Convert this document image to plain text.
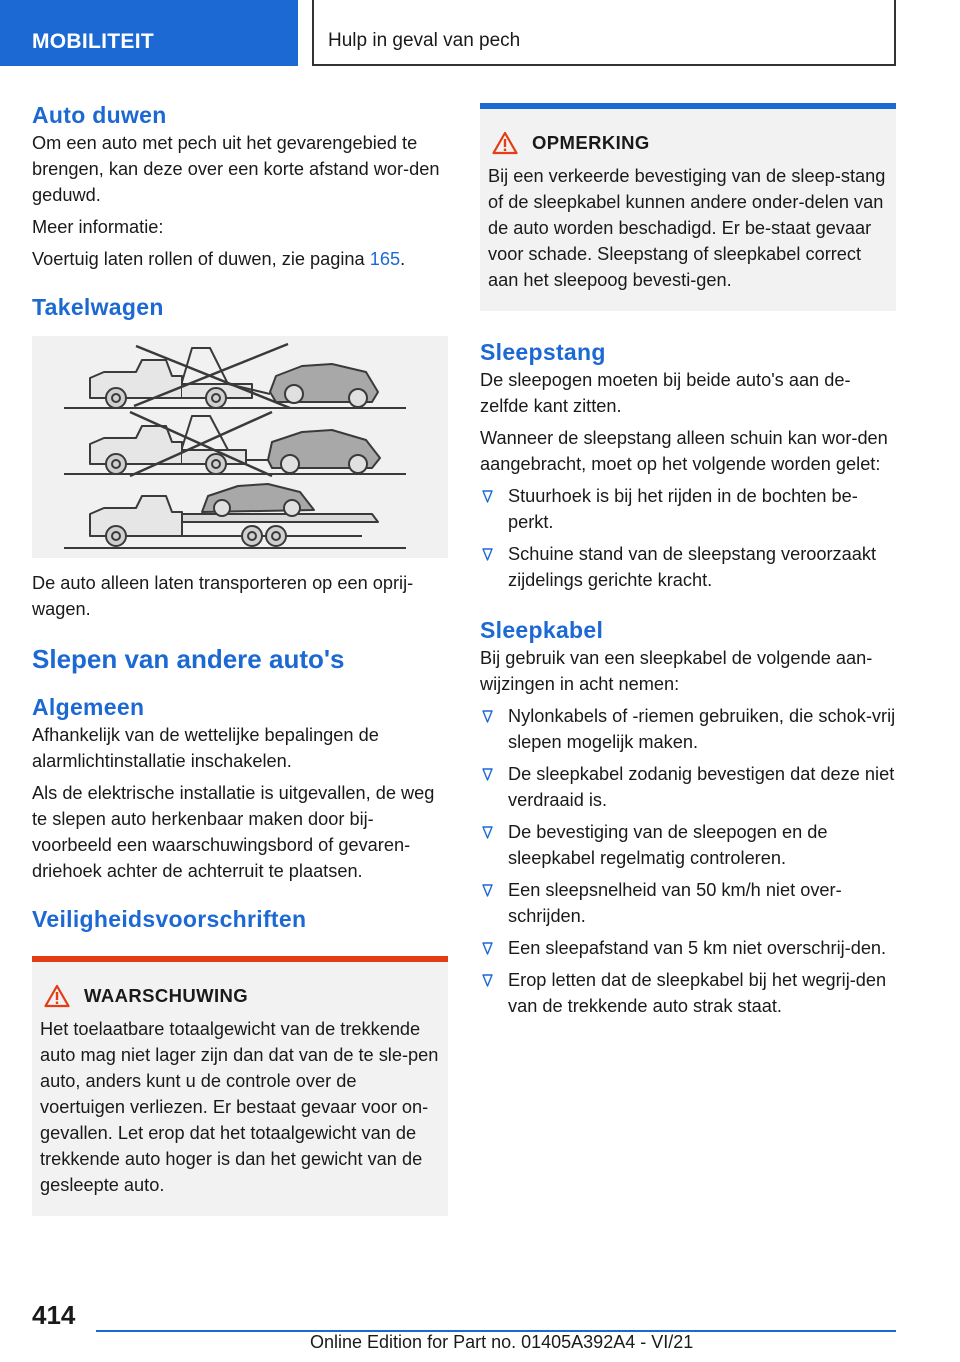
MOBILITEIT	Hulp in geval van pech
Auto duwen

Om een auto met pech uit het gevarengebied te brengen, kan deze over een korte afstand wor-den geduwd.

Meer informatie:

Voertuig laten rollen of duwen, zie pagina 165.

Takelwagen

De auto alleen laten transporteren op een oprij-wagen.

Slepen van andere auto's
Algemeen

Afhankelijk van de wettelijke bepalingen de alarmlichtinstallatie inschakelen.

Als de elektrische installatie is uitgevallen, de weg te slepen auto herkenbaar maken door bij-voorbeeld een waarschuwingsbord of gevaren-driehoek achter de achterruit te plaatsen.

Veiligheidsvoorschriften
WAARSCHUWING

Het toelaatbare totaalgewicht van de trekkende auto mag niet lager zijn dan dat van de te sle-pen auto, anders kunt u de controle over de voertuigen verliezen. Er bestaat gevaar voor on-gevallen. Let erop dat het totaalgewicht van de trekkende auto hoger is dan het gewicht van de gesleepte auto.

OPMERKING

Bij een verkeerde bevestiging van de sleep-stang of de sleepkabel kunnen andere onder-delen van de auto worden beschadigd. Er be-staat gevaar voor schade. Sleepstang of sleepkabel correct aan het sleepoog bevesti-gen.

Sleepstang

De sleepogen moeten bij beide auto's aan de-zelfde kant zitten.

Wanneer de sleepstang alleen schuin kan wor-den aangebracht, moet op het volgende worden gelet:

Stuurhoek is bij het rijden in de bochten be-perkt.
Schuine stand van de sleepstang veroorzaakt zijdelings gerichte kracht.
Sleepkabel

Bij gebruik van een sleepkabel de volgende aan-wijzingen in acht nemen:

Nylonkabels of -riemen gebruiken, die schok-vrij slepen mogelijk maken.
De sleepkabel zodanig bevestigen dat deze niet verdraaid is.
De bevestiging van de sleepogen en de sleepkabel regelmatig controleren.
Een sleepsnelheid van 50 km/h niet over-schrijden.
Een sleepafstand van 5 km niet overschrij-den.
Erop letten dat de sleepkabel bij het wegrij-den van de trekkende auto strak staat.
414
Online Edition for Part no. 01405A392A4 - VI/21
